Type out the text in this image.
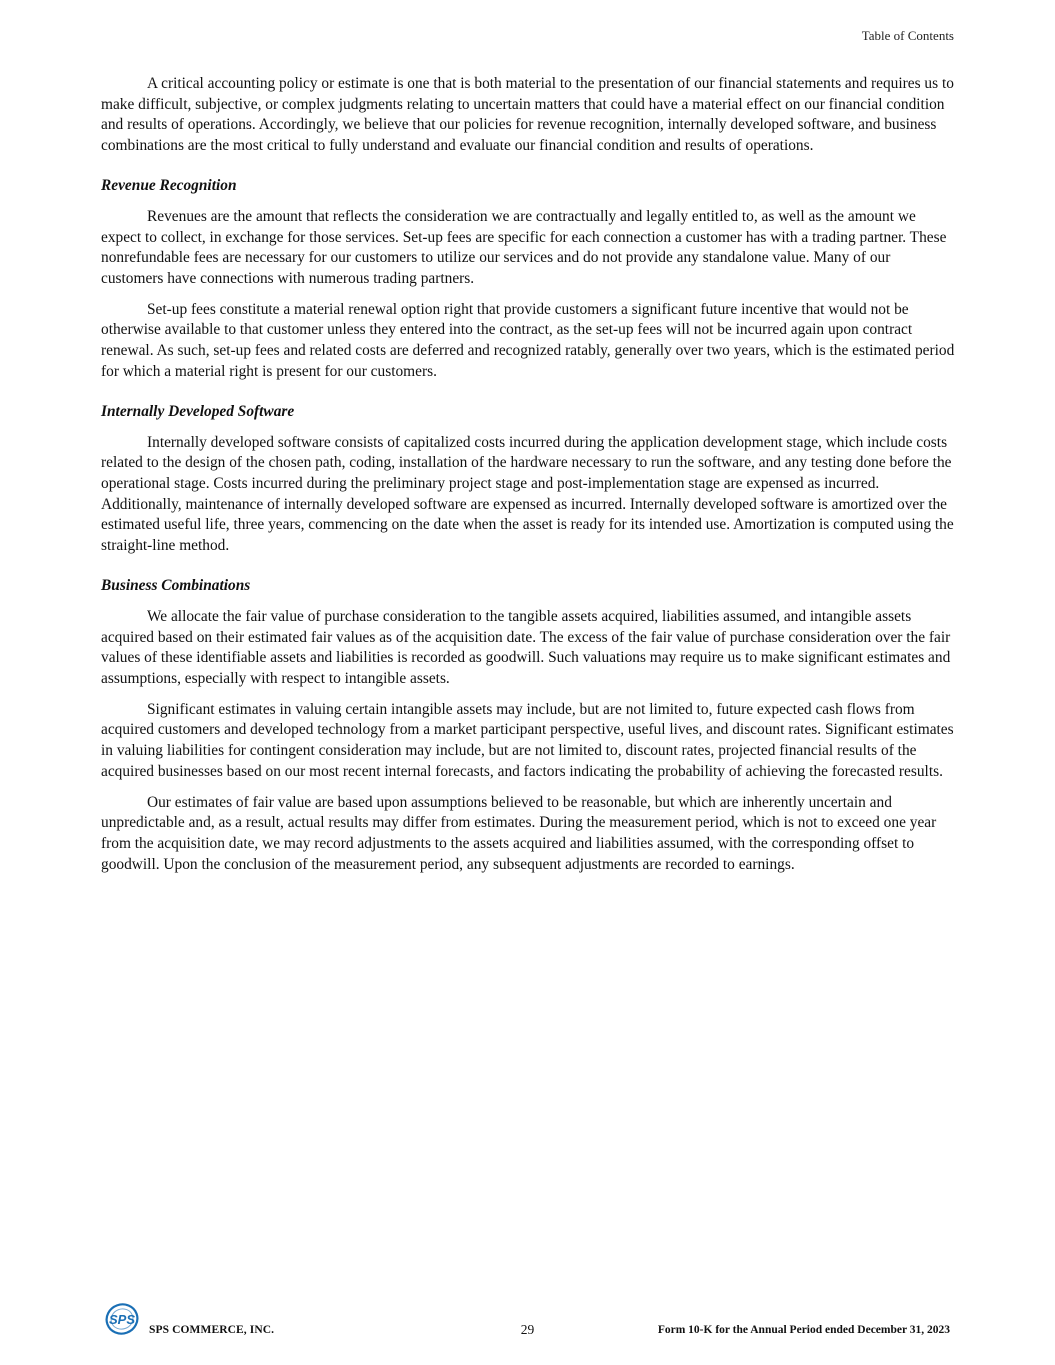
Table of Contents

A critical accounting policy or estimate is one that is both material to the presentation of our financial statements and requires us to make difficult, subjective, or complex judgments relating to uncertain matters that could have a material effect on our financial condition and results of operations. Accordingly, we believe that our policies for revenue recognition, internally developed software, and business combinations are the most critical to fully understand and evaluate our financial condition and results of operations.

Revenue Recognition

Revenues are the amount that reflects the consideration we are contractually and legally entitled to, as well as the amount we expect to collect, in exchange for those services. Set-up fees are specific for each connection a customer has with a trading partner. These nonrefundable fees are necessary for our customers to utilize our services and do not provide any standalone value. Many of our customers have connections with numerous trading partners.

Set-up fees constitute a material renewal option right that provide customers a significant future incentive that would not be otherwise available to that customer unless they entered into the contract, as the set-up fees will not be incurred again upon contract renewal. As such, set-up fees and related costs are deferred and recognized ratably, generally over two years, which is the estimated period for which a material right is present for our customers.

Internally Developed Software

Internally developed software consists of capitalized costs incurred during the application development stage, which include costs related to the design of the chosen path, coding, installation of the hardware necessary to run the software, and any testing done before the operational stage. Costs incurred during the preliminary project stage and post-implementation stage are expensed as incurred. Additionally, maintenance of internally developed software are expensed as incurred. Internally developed software is amortized over the estimated useful life, three years, commencing on the date when the asset is ready for its intended use. Amortization is computed using the straight-line method.

Business Combinations

We allocate the fair value of purchase consideration to the tangible assets acquired, liabilities assumed, and intangible assets acquired based on their estimated fair values as of the acquisition date. The excess of the fair value of purchase consideration over the fair values of these identifiable assets and liabilities is recorded as goodwill. Such valuations may require us to make significant estimates and assumptions, especially with respect to intangible assets.

Significant estimates in valuing certain intangible assets may include, but are not limited to, future expected cash flows from acquired customers and developed technology from a market participant perspective, useful lives, and discount rates. Significant estimates in valuing liabilities for contingent consideration may include, but are not limited to, discount rates, projected financial results of the acquired businesses based on our most recent internal forecasts, and factors indicating the probability of achieving the forecasted results.

Our estimates of fair value are based upon assumptions believed to be reasonable, but which are inherently uncertain and unpredictable and, as a result, actual results may differ from estimates. During the measurement period, which is not to exceed one year from the acquisition date, we may record adjustments to the assets acquired and liabilities assumed, with the corresponding offset to goodwill. Upon the conclusion of the measurement period, any subsequent adjustments are recorded to earnings.

SPS
SPS COMMERCE, INC.	29	Form 10-K for the Annual Period ended December 31, 2023
